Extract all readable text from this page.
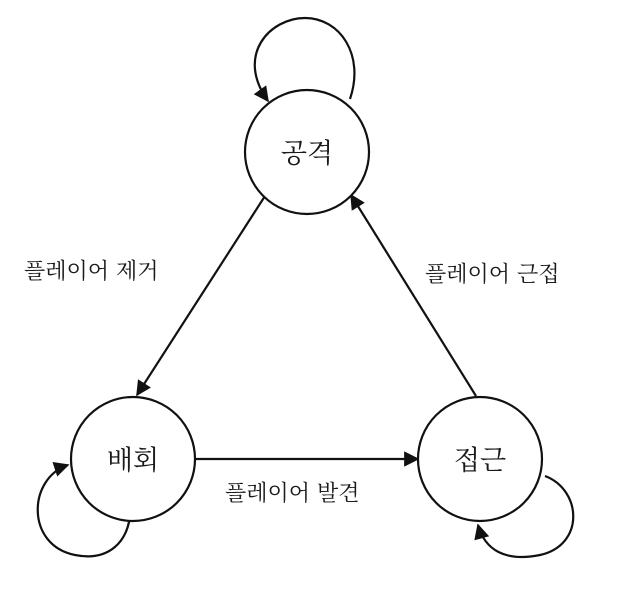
공격
배회	접근
플레이어 제거	플레이어 근접
플레이어 발견
